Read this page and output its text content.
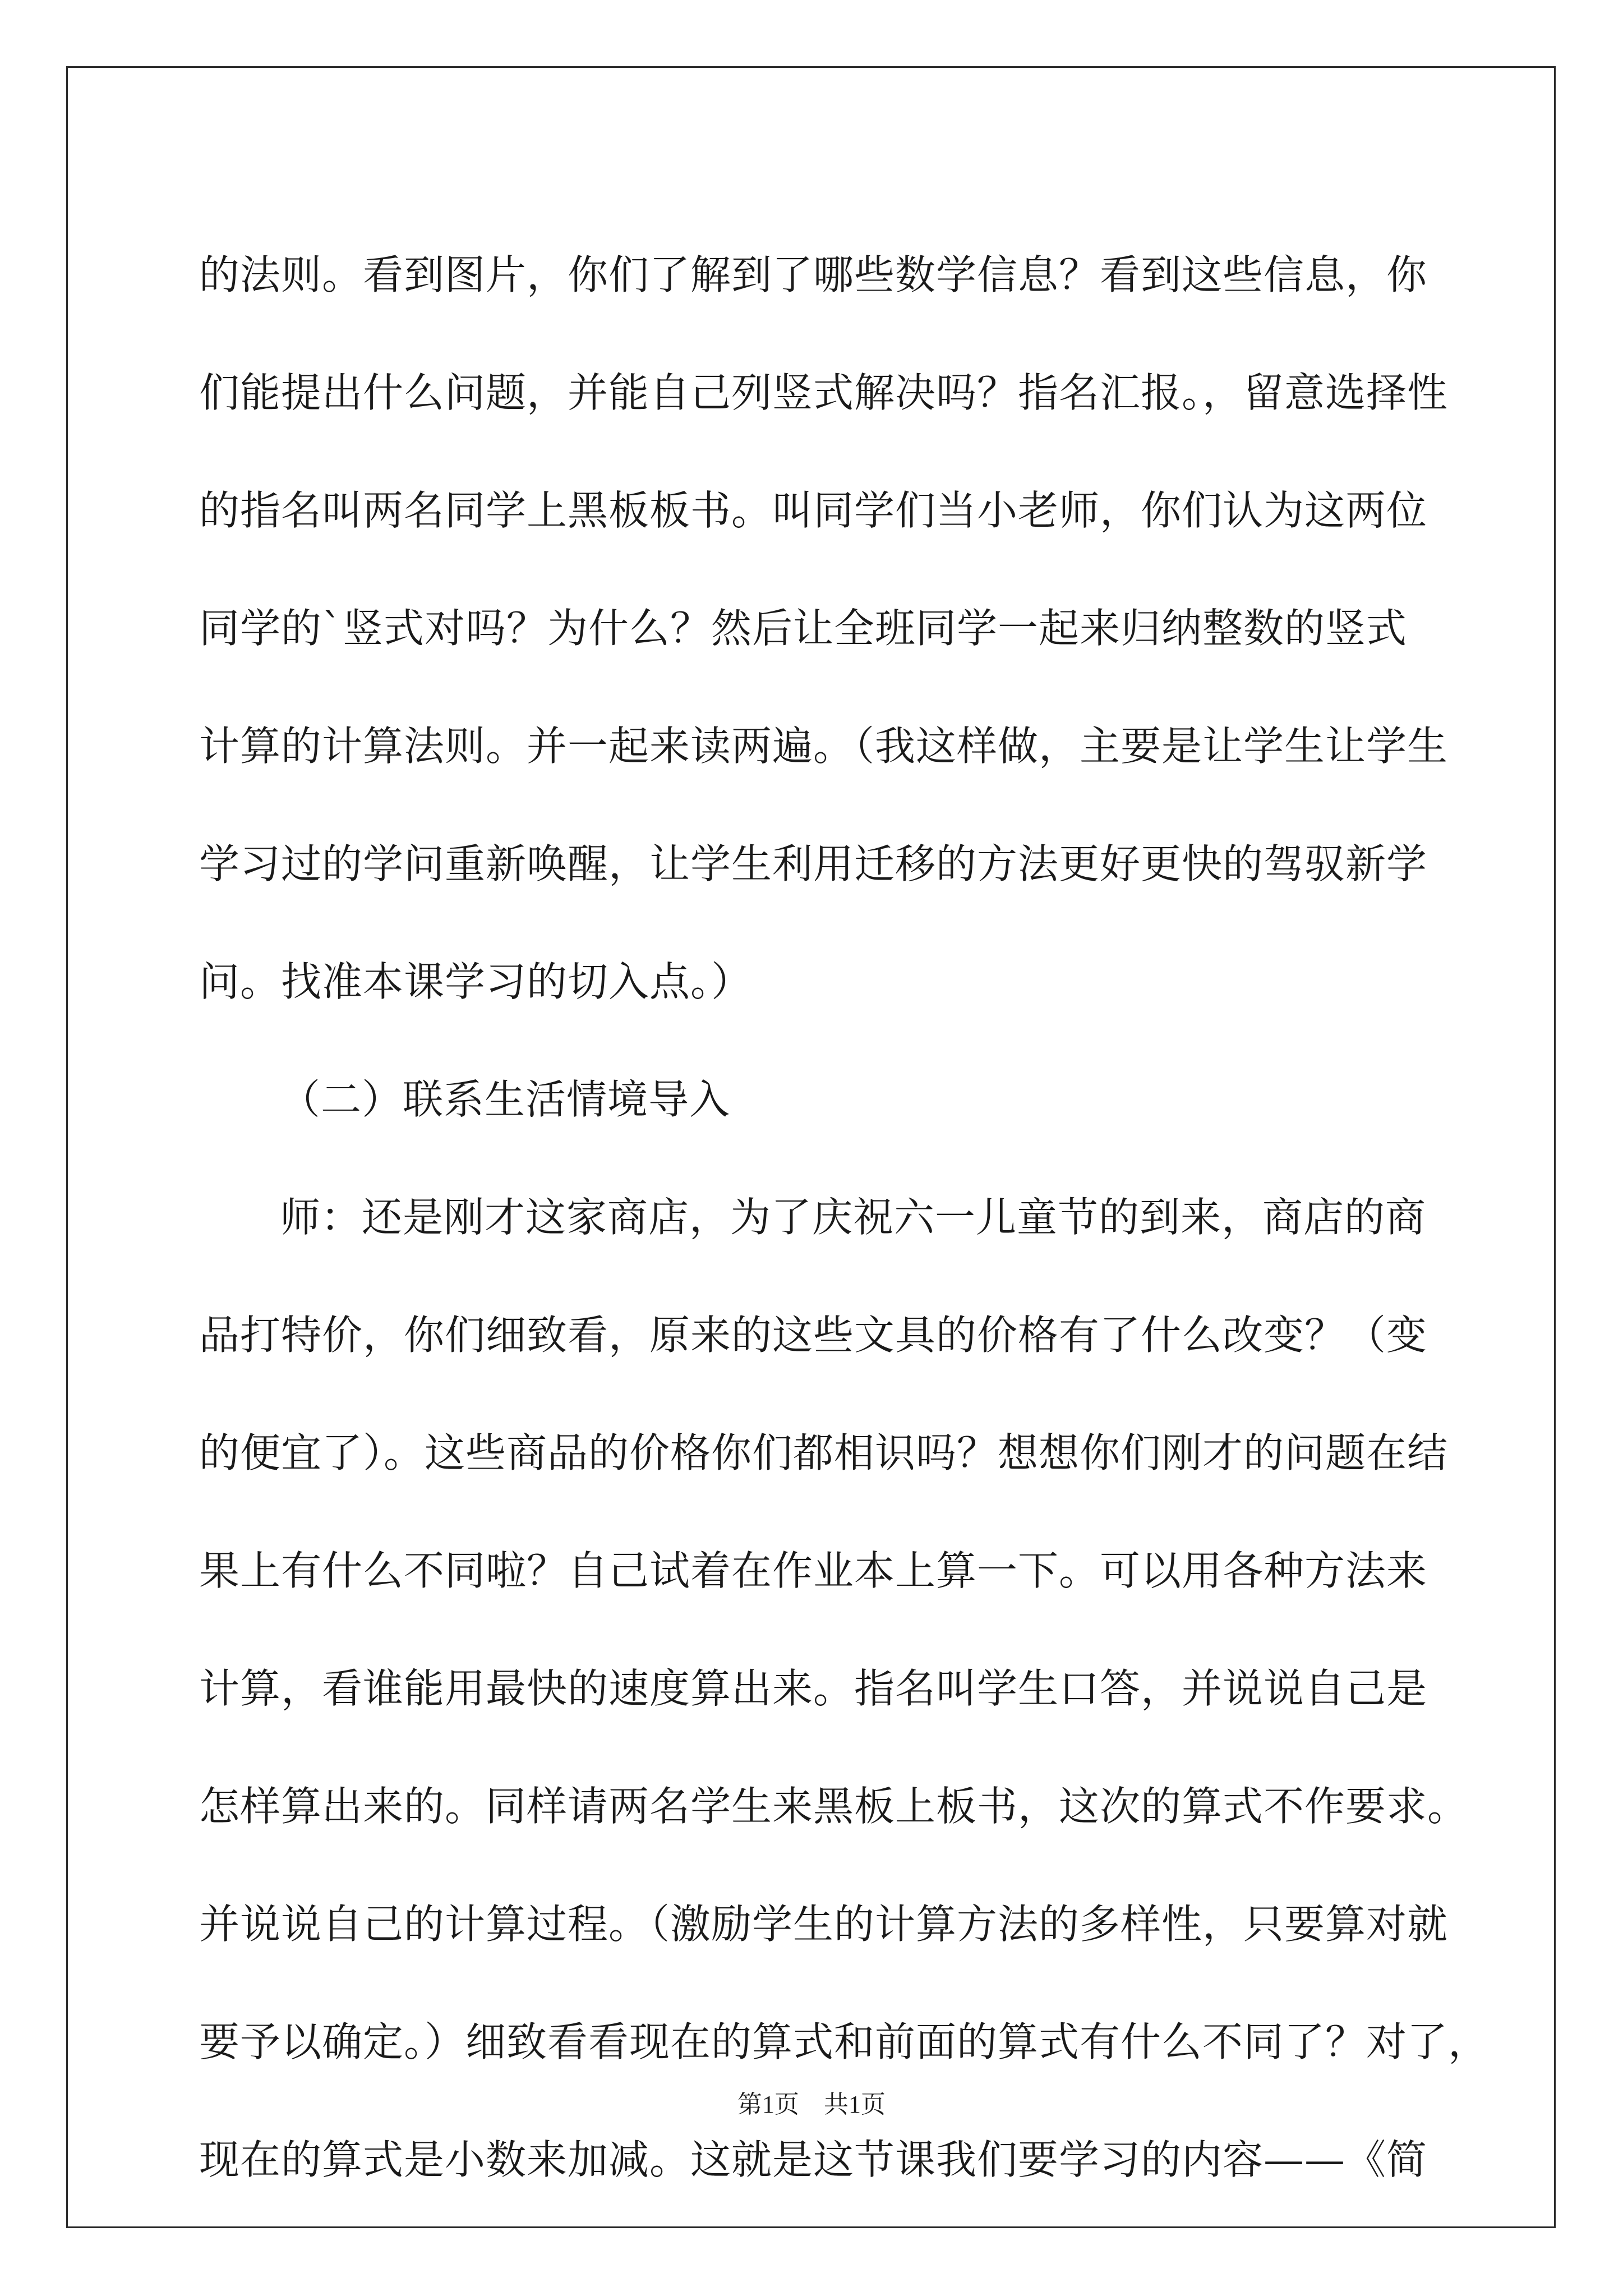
的法则。看到图片，你们了解到了哪些数学信息？看到这些信息，你
们能提出什么问题，并能自己列竖式解决吗？指名汇报。，留意选择性
的指名叫两名同学上黑板板书。叫同学们当小老师，你们认为这两位
同学的`竖式对吗？为什么？然后让全班同学一起来归纳整数的竖式
计算的计算法则。并一起来读两遍。（我这样做，主要是让学生让学生
学习过的学问重新唤醒，让学生利用迁移的方法更好更快的驾驭新学
问。找准本课学习的切入点。）
（二）联系生活情境导入
师：还是刚才这家商店，为了庆祝六一儿童节的到来，商店的商
品打特价，你们细致看，原来的这些文具的价格有了什么改变？（变
的便宜了）。这些商品的价格你们都相识吗？想想你们刚才的问题在结
果上有什么不同啦？自己试着在作业本上算一下。可以用各种方法来
计算，看谁能用最快的速度算出来。指名叫学生口答，并说说自己是
怎样算出来的。同样请两名学生来黑板上板书，这次的算式不作要求。
并说说自己的计算过程。（激励学生的计算方法的多样性，只要算对就
要予以确定。）细致看看现在的算式和前面的算式有什么不同了？对了，
现在的算式是小数来加减。这就是这节课我们要学习的内容——《简
第1页　共1页
